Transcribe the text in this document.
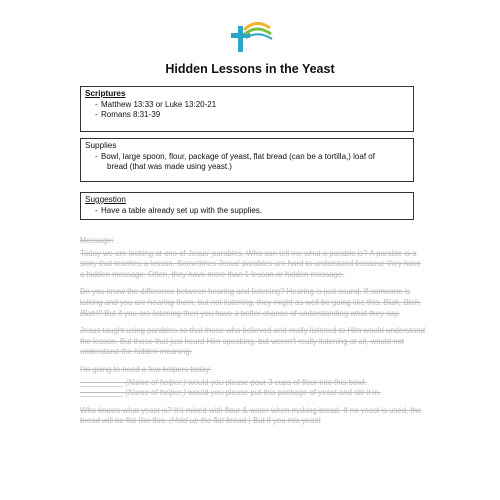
Hidden Lessons in the Yeast
Scriptures
- Matthew 13:33 or Luke 13:20-21
- Romans 8:31-39
Supplies
- Bowl, large spoon, flour, package of yeast, flat bread (can be a tortilla,) loaf of
bread (that was made using yeast.)
Suggestion
- Have a table already set up with the supplies.

Message:

Today we are looking at one of Jesus' parables. Who can tell me what a parable is? A parable is a story that teaches a lesson. Sometimes Jesus' parables are hard to understand because they have a hidden message. Often, they have more than 1 lesson or hidden message.

Do you know the difference between hearing and listening? Hearing is just sound. If someone is talking and you are hearing them, but not listening, they might as well be going like this. Blah, Blah, Blah!!! But if you are listening then you have a better chance of understanding what they say.

Jesus taught using parables so that those who believed and really listened to Him would understand the lesson. But those that just heard Him speaking, but weren't really listening at all, would not understand the hidden meaning.

I'm going to need a few helpers today:

__________ (Name of helper.) would you please pour 3 cups of flour into this bowl.

__________ (Name of helper.) would you please put this package of yeast and stir it in.

Who knows what yeast is? It's mixed with flour & water when making bread. If no yeast is used, the bread will be flat like this. (Hold up the flat bread.) But if you mix yeast
